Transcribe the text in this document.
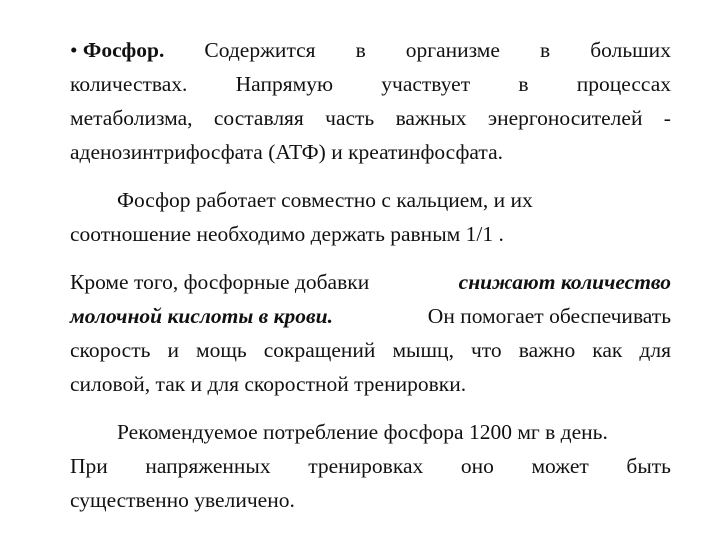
• Фосфор. Содержится в организме в больших
количествах. Напрямую участвует в процессах
метаболизма, составляя часть важных энергоносителей -
аденозинтрифосфата (АТФ) и креатинфосфата.
Фосфор работает совместно с кальцием, и их
соотношение необходимо держать равным 1/1 .
Кроме того, фосфорные добавки	снижают количество
молочной кислоты в крови.	Он помогает обеспечивать
скорость и мощь сокращений мышц, что важно как для
силовой, так и для скоростной тренировки.
Рекомендуемое потребление фосфора 1200 мг в день.
При напряженных тренировках оно может быть
существенно увеличено.
